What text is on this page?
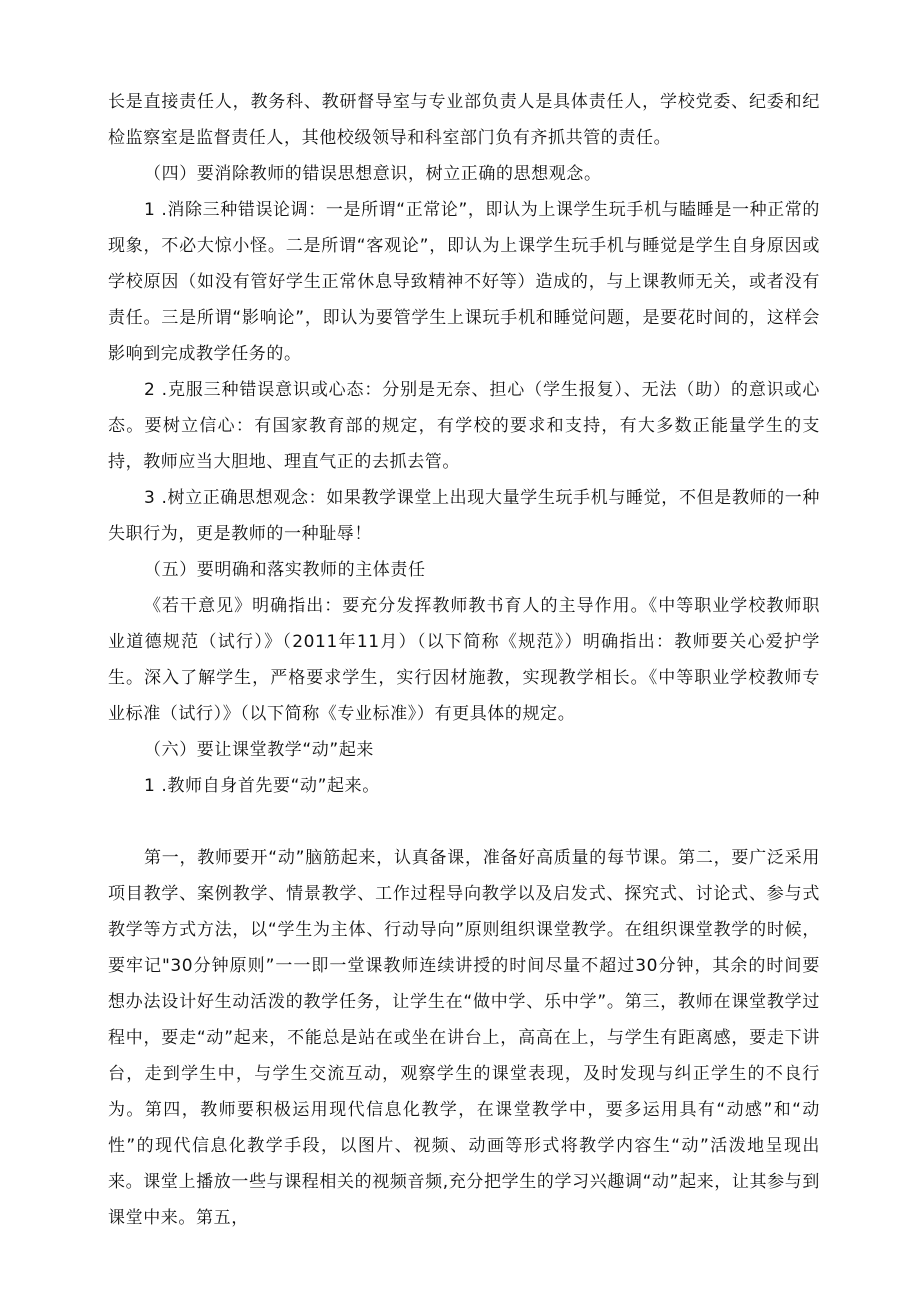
长是直接责任人，教务科、教研督导室与专业部负责人是具体责任人，学校党委、纪委和纪检监察室是监督责任人，其他校级领导和科室部门负有齐抓共管的责任。

（四）要消除教师的错误思想意识，树立正确的思想观念。

1 .消除三种错误论调：一是所谓“正常论”，即认为上课学生玩手机与瞌睡是一种正常的现象，不必大惊小怪。二是所谓“客观论”，即认为上课学生玩手机与睡觉是学生自身原因或学校原因（如没有管好学生正常休息导致精神不好等）造成的，与上课教师无关，或者没有责任。三是所谓“影响论”，即认为要管学生上课玩手机和睡觉问题，是要花时间的，这样会影响到完成教学任务的。

2 .克服三种错误意识或心态：分别是无奈、担心（学生报复）、无法（助）的意识或心态。要树立信心：有国家教育部的规定，有学校的要求和支持，有大多数正能量学生的支持，教师应当大胆地、理直气正的去抓去管。

3 .树立正确思想观念：如果教学课堂上出现大量学生玩手机与睡觉，不但是教师的一种失职行为，更是教师的一种耻辱！

（五）要明确和落实教师的主体责任

《若干意见》明确指出：要充分发挥教师教书育人的主导作用。《中等职业学校教师职业道德规范（试行）》（2011年11月）（以下简称《规范》）明确指出：教师要关心爱护学生。深入了解学生，严格要求学生，实行因材施教，实现教学相长。《中等职业学校教师专业标准（试行）》（以下简称《专业标准》）有更具体的规定。

（六）要让课堂教学“动”起来

1 .教师自身首先要“动”起来。

第一，教师要开“动”脑筋起来，认真备课，准备好高质量的每节课。第二，要广泛采用项目教学、案例教学、情景教学、工作过程导向教学以及启发式、探究式、讨论式、参与式教学等方式方法，以“学生为主体、行动导向”原则组织课堂教学。在组织课堂教学的时候，要牢记"30分钟原则”一一即一堂课教师连续讲授的时间尽量不超过30分钟，其余的时间要想办法设计好生动活泼的教学任务，让学生在“做中学、乐中学”。第三，教师在课堂教学过程中，要走“动”起来，不能总是站在或坐在讲台上，高高在上，与学生有距离感，要走下讲台，走到学生中，与学生交流互动，观察学生的课堂表现，及时发现与纠正学生的不良行为。第四，教师要积极运用现代信息化教学，在课堂教学中，要多运用具有“动感”和“动性”的现代信息化教学手段，以图片、视频、动画等形式将教学内容生“动”活泼地呈现出来。课堂上播放一些与课程相关的视频音频,充分把学生的学习兴趣调“动”起来，让其参与到课堂中来。第五，
